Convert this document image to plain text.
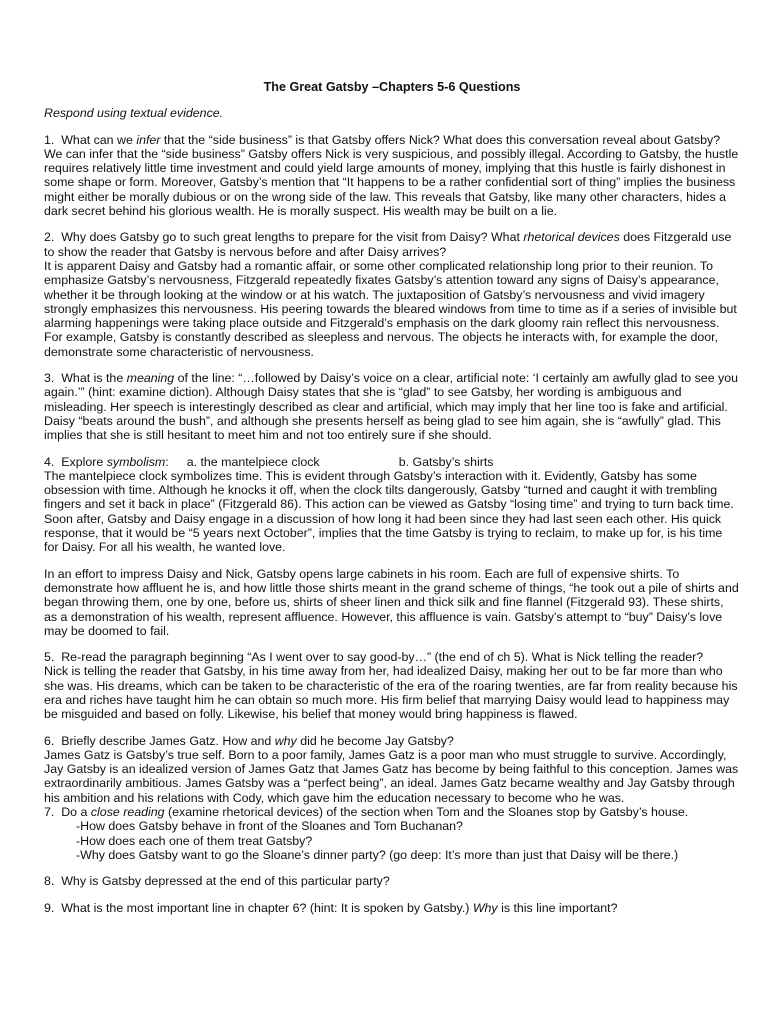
The Great Gatsby –Chapters 5-6 Questions
Respond using textual evidence.

1. What can we infer that the “side business” is that Gatsby offers Nick? What does this conversation reveal about Gatsby?

We can infer that the “side business” Gatsby offers Nick is very suspicious, and possibly illegal. According to Gatsby, the hustle requires relatively little time investment and could yield large amounts of money, implying that this hustle is fairly dishonest in some shape or form. Moreover, Gatsby’s mention that “It happens to be a rather confidential sort of thing” implies the business might either be morally dubious or on the wrong side of the law. This reveals that Gatsby, like many other characters, hides a dark secret behind his glorious wealth. He is morally suspect. His wealth may be built on a lie.

2. Why does Gatsby go to such great lengths to prepare for the visit from Daisy? What rhetorical devices does Fitzgerald use to show the reader that Gatsby is nervous before and after Daisy arrives?

It is apparent Daisy and Gatsby had a romantic affair, or some other complicated relationship long prior to their reunion. To emphasize Gatsby’s nervousness, Fitzgerald repeatedly fixates Gatsby’s attention toward any signs of Daisy’s appearance, whether it be through looking at the window or at his watch. The juxtaposition of Gatsby’s nervousness and vivid imagery strongly emphasizes this nervousness. His peering towards the bleared windows from time to time as if a series of invisible but alarming happenings were taking place outside and Fitzgerald’s emphasis on the dark gloomy rain reflect this nervousness. For example, Gatsby is constantly described as sleepless and nervous. The objects he interacts with, for example the door, demonstrate some characteristic of nervousness.

3. What is the meaning of the line: “…followed by Daisy’s voice on a clear, artificial note: ‘I certainly am awfully glad to see you again.’” (hint: examine diction). Although Daisy states that she is “glad” to see Gatsby, her wording is ambiguous and misleading. Her speech is interestingly described as clear and artificial, which may imply that her line too is fake and artificial. Daisy “beats around the bush”, and although she presents herself as being glad to see him again, she is “awfully” glad. This implies that she is still hesitant to meet him and not too entirely sure if she should.

4. Explore symbolism: a. the mantelpiece clock	b. Gatsby’s shirts

The mantelpiece clock symbolizes time. This is evident through Gatsby’s interaction with it. Evidently, Gatsby has some obsession with time. Although he knocks it off, when the clock tilts dangerously, Gatsby “turned and caught it with trembling fingers and set it back in place” (Fitzgerald 86). This action can be viewed as Gatsby “losing time” and trying to turn back time. Soon after, Gatsby and Daisy engage in a discussion of how long it had been since they had last seen each other. His quick response, that it would be “5 years next October”, implies that the time Gatsby is trying to reclaim, to make up for, is his time for Daisy. For all his wealth, he wanted love.

In an effort to impress Daisy and Nick, Gatsby opens large cabinets in his room. Each are full of expensive shirts. To demonstrate how affluent he is, and how little those shirts meant in the grand scheme of things, “he took out a pile of shirts and began throwing them, one by one, before us, shirts of sheer linen and thick silk and fine flannel (Fitzgerald 93). These shirts, as a demonstration of his wealth, represent affluence. However, this affluence is vain. Gatsby’s attempt to “buy” Daisy’s love may be doomed to fail.

5. Re-read the paragraph beginning “As I went over to say good-by…” (the end of ch 5). What is Nick telling the reader?

Nick is telling the reader that Gatsby, in his time away from her, had idealized Daisy, making her out to be far more than who she was. His dreams, which can be taken to be characteristic of the era of the roaring twenties, are far from reality because his era and riches have taught him he can obtain so much more. His firm belief that marrying Daisy would lead to happiness may be misguided and based on folly. Likewise, his belief that money would bring happiness is flawed.

6. Briefly describe James Gatz. How and why did he become Jay Gatsby?

James Gatz is Gatsby’s true self. Born to a poor family, James Gatz is a poor man who must struggle to survive. Accordingly, Jay Gatsby is an idealized version of James Gatz that James Gatz has become by being faithful to this conception. James was extraordinarily ambitious. James Gatsby was a “perfect being”, an ideal. James Gatz became wealthy and Jay Gatsby through his ambition and his relations with Cody, which gave him the education necessary to become who he was.

7. Do a close reading (examine rhetorical devices) of the section when Tom and the Sloanes stop by Gatsby’s house.

-How does Gatsby behave in front of the Sloanes and Tom Buchanan?

-How does each one of them treat Gatsby?

-Why does Gatsby want to go the Sloane’s dinner party? (go deep: It’s more than just that Daisy will be there.)

8. Why is Gatsby depressed at the end of this particular party?

9. What is the most important line in chapter 6? (hint: It is spoken by Gatsby.) Why is this line important?
